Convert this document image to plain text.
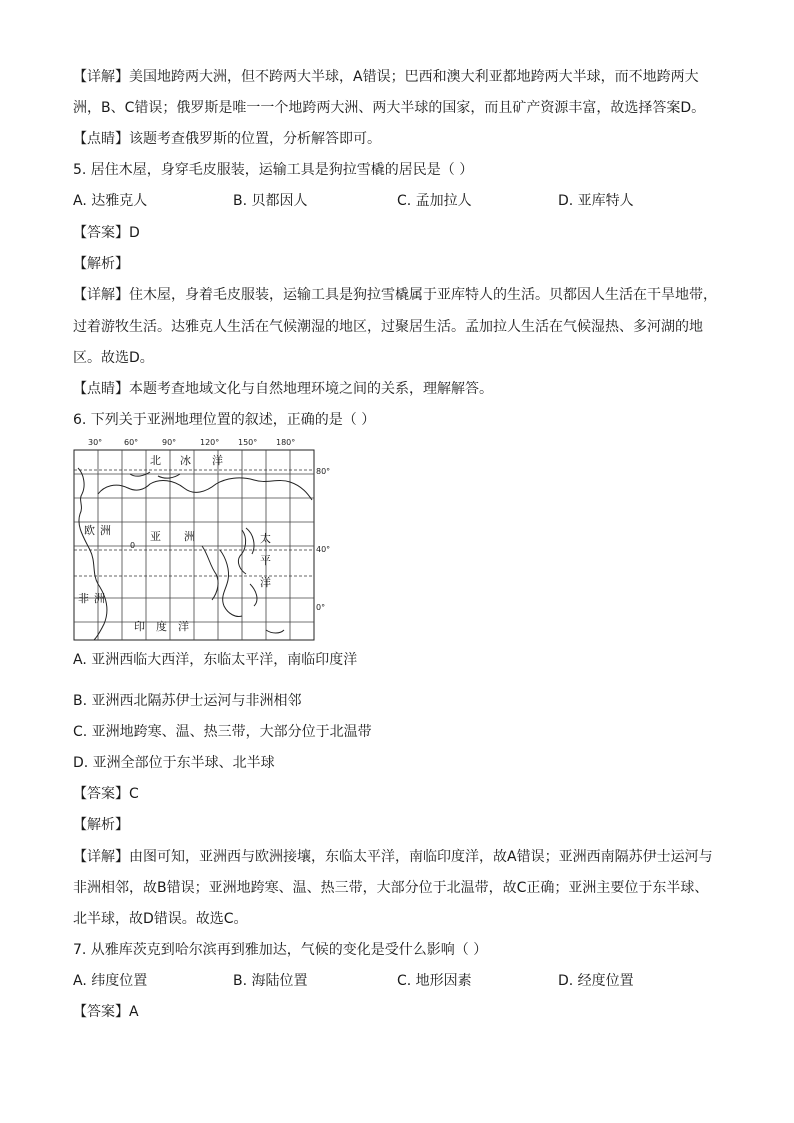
【详解】美国地跨两大洲，但不跨两大半球，A错误；巴西和澳大利亚都地跨两大半球，而不地跨两大
洲，B、C错误；俄罗斯是唯一一个地跨两大洲、两大半球的国家，而且矿产资源丰富，故选择答案D。
【点睛】该题考查俄罗斯的位置，分析解答即可。
5. 居住木屋，身穿毛皮服装，运输工具是狗拉雪橇的居民是（ ）
A. 达雅克人	B. 贝都因人	C. 孟加拉人	D. 亚库特人
【答案】D
【解析】
【详解】住木屋，身着毛皮服装，运输工具是狗拉雪橇属于亚库特人的生活。贝都因人生活在干旱地带，
过着游牧生活。达雅克人生活在气候潮湿的地区，过聚居生活。孟加拉人生活在气候湿热、多河湖的地
区。故选D。
【点睛】本题考查地域文化与自然地理环境之间的关系，理解解答。
6. 下列关于亚洲地理位置的叙述，正确的是（ ）
30°	60°	90°	120° 150° 180°
80°
40°
0°
0
北 冰 洋
欧 洲	亚 洲	太
平
洋
非 洲
印 度 洋
A. 亚洲西临大西洋，东临太平洋，南临印度洋
B. 亚洲西北隔苏伊士运河与非洲相邻
C. 亚洲地跨寒、温、热三带，大部分位于北温带
D. 亚洲全部位于东半球、北半球
【答案】C
【解析】
【详解】由图可知，亚洲西与欧洲接壤，东临太平洋，南临印度洋，故A错误；亚洲西南隔苏伊士运河与
非洲相邻，故B错误；亚洲地跨寒、温、热三带，大部分位于北温带，故C正确；亚洲主要位于东半球、
北半球，故D错误。故选C。
7. 从雅库茨克到哈尔滨再到雅加达，气候的变化是受什么影响（ ）
A. 纬度位置	B. 海陆位置	C. 地形因素	D. 经度位置
【答案】A
